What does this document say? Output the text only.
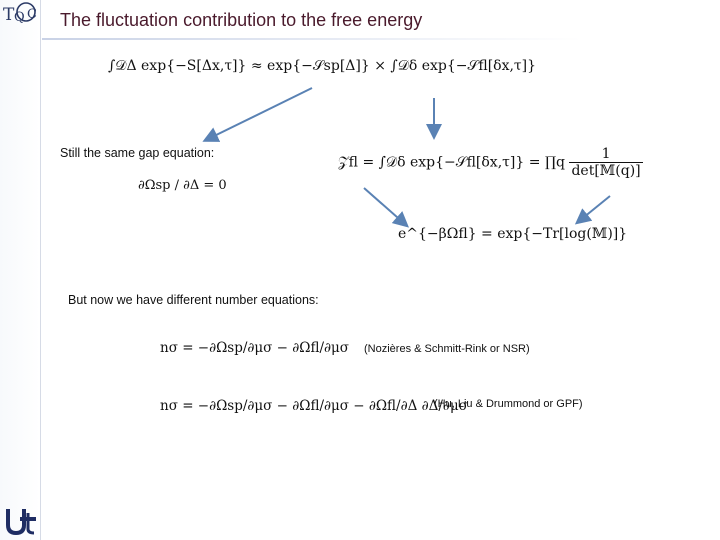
T Q C The fluctuation contribution to the free energy
∫𝒟Δ exp{−S[Δx,τ]} ≈ exp{−𝒮sp[Δ]} × ∫𝒟δ exp{−𝒮fl[δx,τ]}
Still the same gap equation:
∂Ωsp / ∂Δ = 0
𝒵fl = ∫𝒟δ exp{−𝒮fl[δx,τ]} = ∏q $\frac{1}{\text{det[𝕄(q)]}}$
e^{−βΩfl} = exp{−Tr[log(𝕄)]}
But now we have different number equations:
nσ = −∂Ωsp/∂μσ − ∂Ωfl/∂μσ (Nozières & Schmitt-Rink or NSR)
nσ = −∂Ωsp/∂μσ − ∂Ωfl/∂μσ − ∂Ωfl/∂Δ ∂Δ/∂μσ
(Hu, Liu & Drummond or GPF)
